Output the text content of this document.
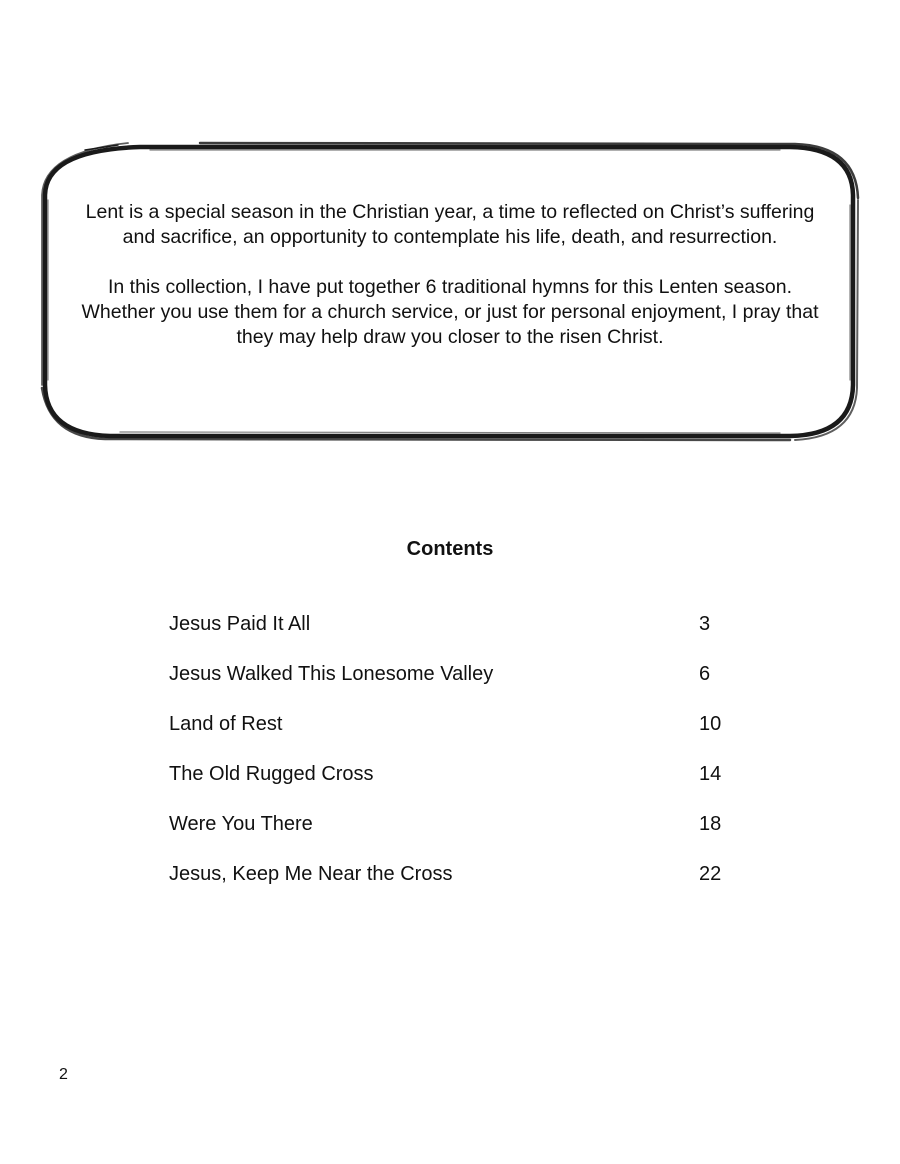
Lent is a special season in the Christian year, a time to reflected on Christ’s suffering and sacrifice, an opportunity to contemplate his life, death, and resurrection.

In this collection, I have put together 6 traditional hymns for this Lenten season. Whether you use them for a church service, or just for personal enjoyment, I pray that they may help draw you closer to the risen Christ.

Contents
Jesus Paid It All	3
Jesus Walked This Lonesome Valley	6
Land of Rest	10
The Old Rugged Cross	14
Were You There	18
Jesus, Keep Me Near the Cross	22
2
